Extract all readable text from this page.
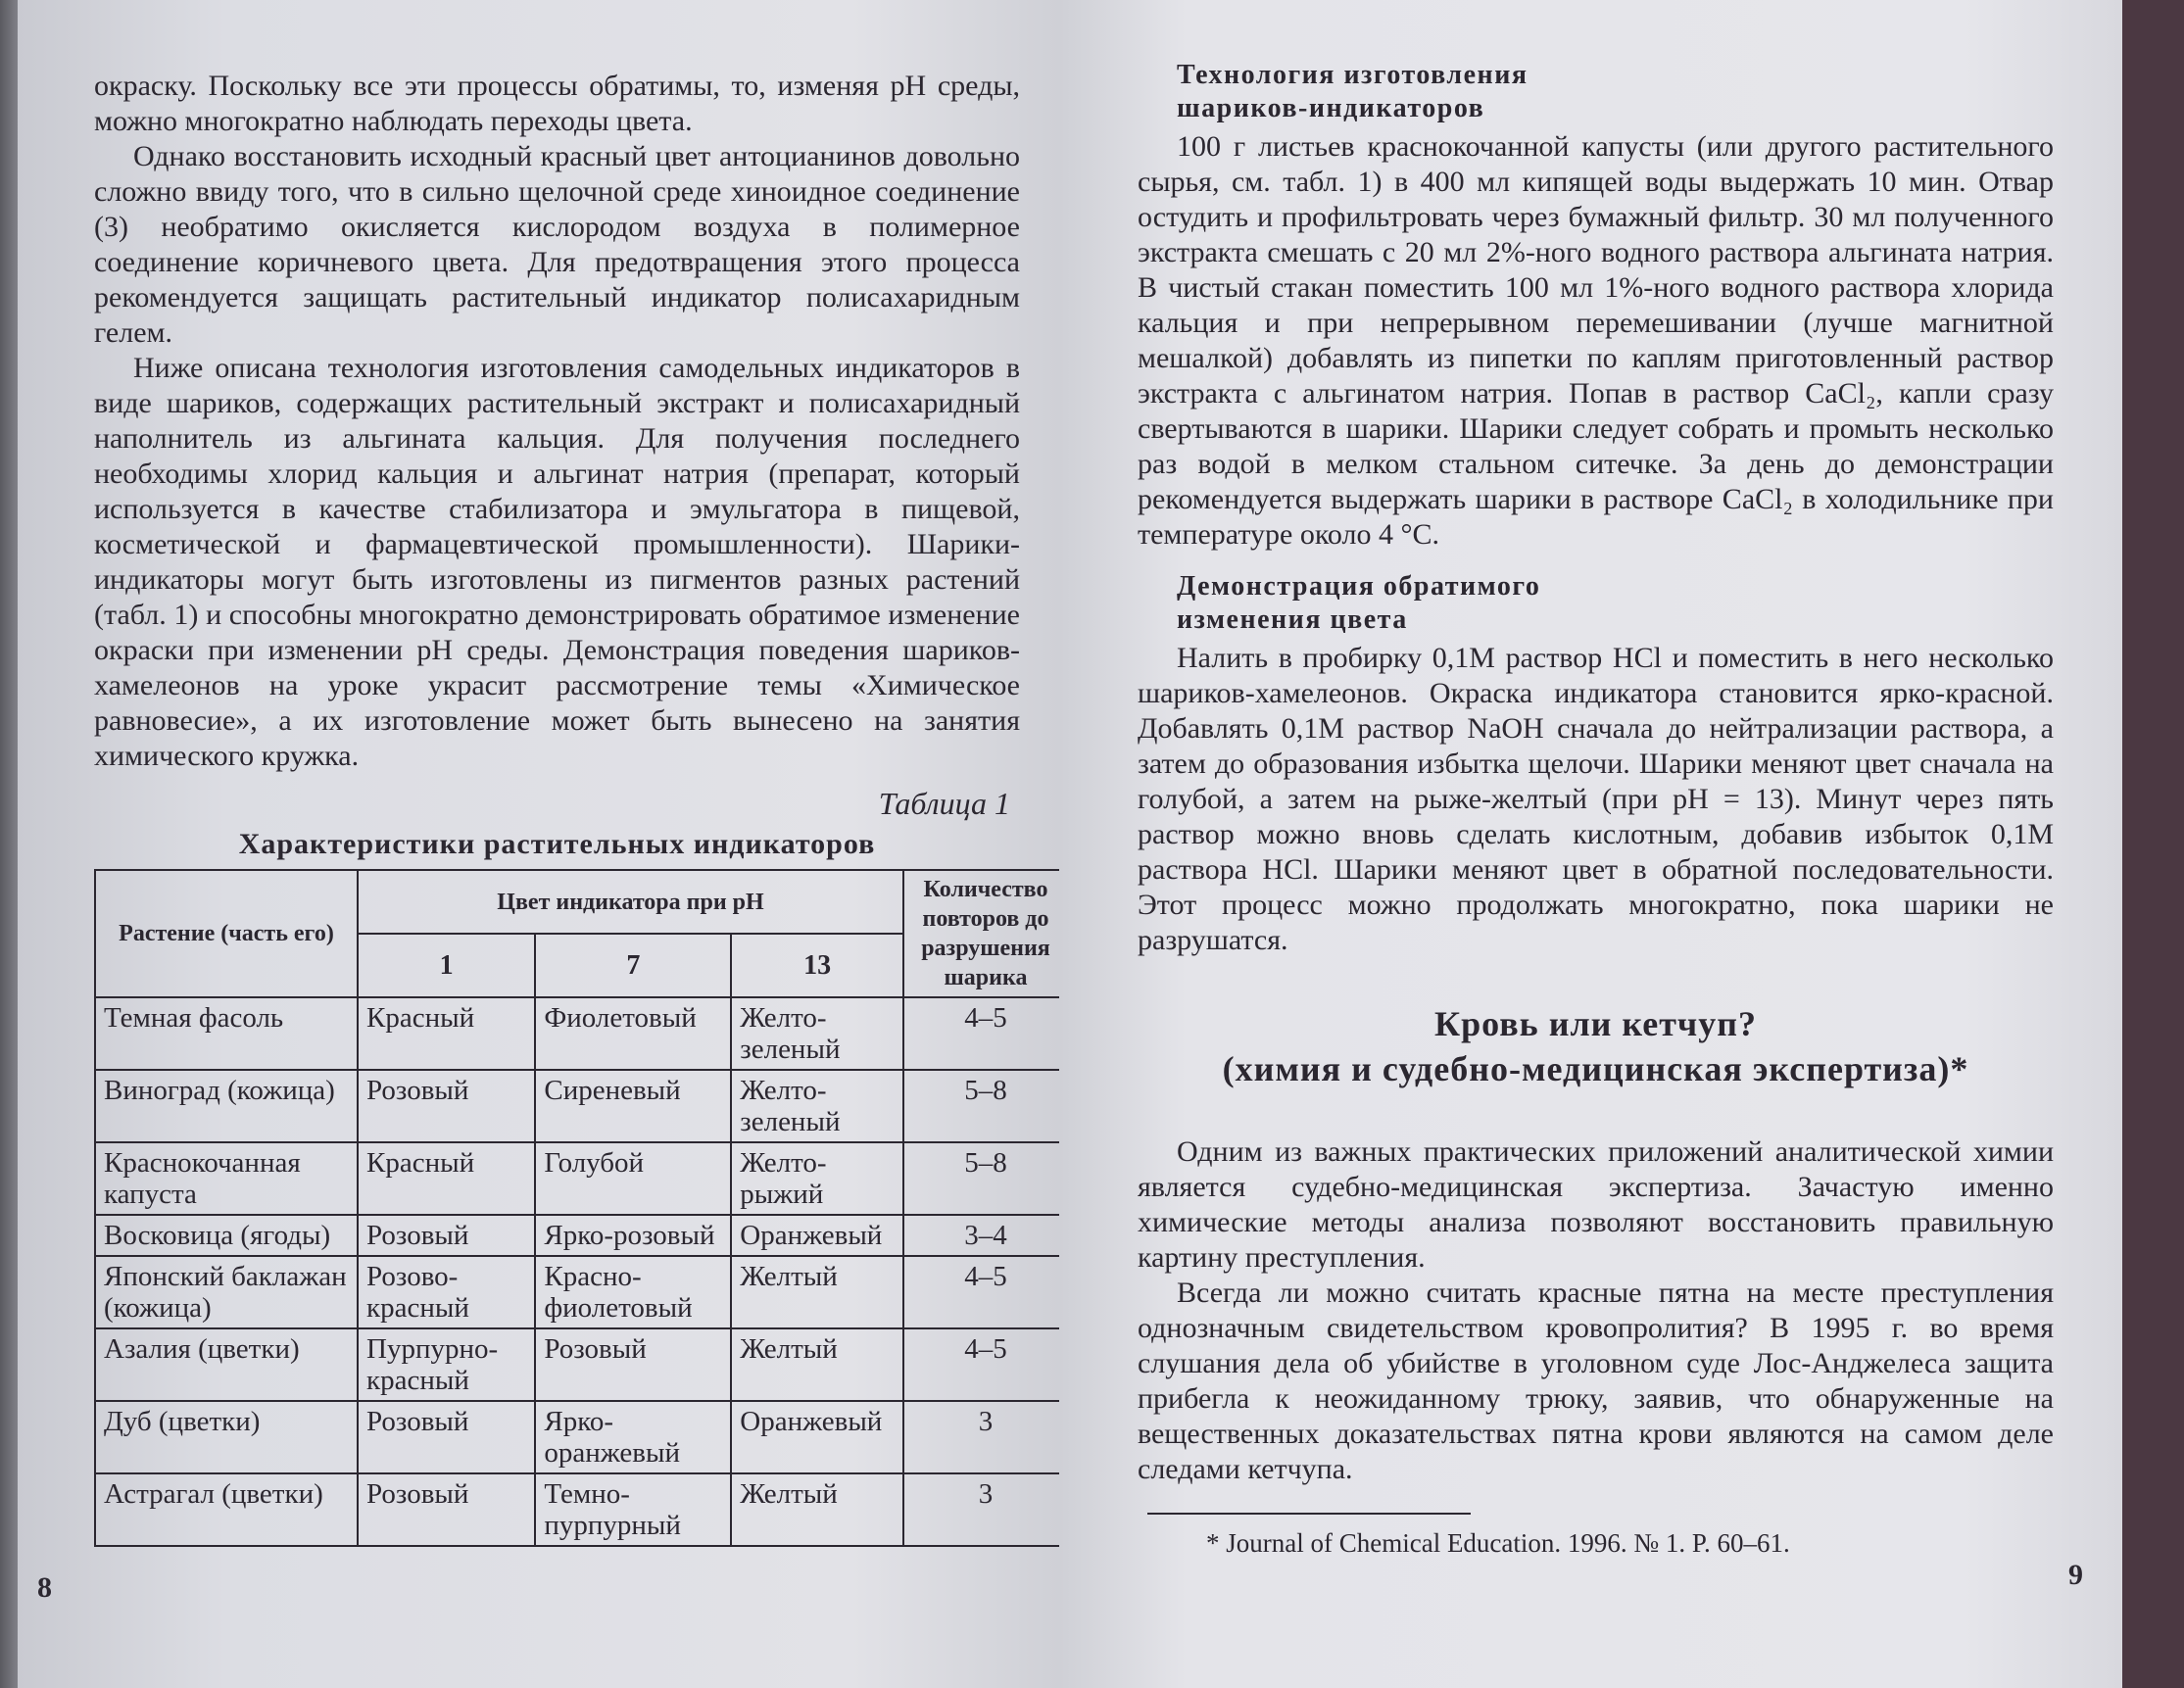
окраску. Поскольку все эти процессы обратимы, то, изменяя рН среды, можно многократно наблюдать переходы цвета.

Однако восстановить исходный красный цвет антоцианинов довольно сложно ввиду того, что в сильно щелочной среде хиноидное соединение (3) необратимо окисляется кислородом воздуха в полимерное соединение коричневого цвета. Для предотвращения этого процесса рекомендуется защищать растительный индикатор полисахаридным гелем.

Ниже описана технология изготовления самодельных индикаторов в виде шариков, содержащих растительный экстракт и полисахаридный наполнитель из альгината кальция. Для получения последнего необходимы хлорид кальция и альгинат натрия (препарат, который используется в качестве стабилизатора и эмульгатора в пищевой, косметической и фармацевтической промышленности). Шарики-индикаторы могут быть изготовлены из пигментов разных растений (табл. 1) и способны многократно демонстрировать обратимое изменение окраски при изменении рН среды. Демонстрация поведения шариков-хамелеонов на уроке украсит рассмотрение темы «Химическое равновесие», а их изготовление может быть вынесено на занятия химического кружка.

Таблица 1
Характеристики растительных индикаторов
Растение (часть его)	Цвет индикатора при рН			Количество повторов до разрушения шарика
	1	7	13	
Темная фасоль	Красный	Фиолетовый	Желто-зеленый	4–5
Виноград (кожица)	Розовый	Сиреневый	Желто-зеленый	5–8
Краснокочанная капуста	Красный	Голубой	Желто-рыжий	5–8
Восковица (ягоды)	Розовый	Ярко-розовый	Оранжевый	3–4
Японский баклажан (кожица)	Розово-красный	Красно-фиолетовый	Желтый	4–5
Азалия (цветки)	Пурпурно-красный	Розовый	Желтый	4–5
Дуб (цветки)	Розовый	Ярко-оранжевый	Оранжевый	3
Астрагал (цветки)	Розовый	Темно-пурпурный	Желтый	3
8
Технология изготовления
шариков-индикаторов

100 г листьев краснокочанной капусты (или другого растительного сырья, см. табл. 1) в 400 мл кипящей воды выдержать 10 мин. Отвар остудить и профильтровать через бумажный фильтр. 30 мл полученного экстракта смешать с 20 мл 2%-ного водного раствора альгината натрия. В чистый стакан поместить 100 мл 1%-ного водного раствора хлорида кальция и при непрерывном перемешивании (лучше магнитной мешалкой) добавлять из пипетки по каплям приготовленный раствор экстракта с альгинатом натрия. Попав в раствор CaCl₂, капли сразу свертываются в шарики. Шарики следует собрать и промыть несколько раз водой в мелком стальном ситечке. За день до демонстрации рекомендуется выдержать шарики в растворе CaCl₂ в холодильнике при температуре около 4 °С.

Демонстрация обратимого
изменения цвета

Налить в пробирку 0,1М раствор HCl и поместить в него несколько шариков-хамелеонов. Окраска индикатора становится ярко-красной. Добавлять 0,1М раствор NaOH сначала до нейтрализации раствора, а затем до образования избытка щелочи. Шарики меняют цвет сначала на голубой, а затем на рыже-желтый (при рН = 13). Минут через пять раствор можно вновь сделать кислотным, добавив избыток 0,1М раствора HCl. Шарики меняют цвет в обратной последовательности. Этот процесс можно продолжать многократно, пока шарики не разрушатся.

Кровь или кетчуп?
(химия и судебно-медицинская экспертиза)*

Одним из важных практических приложений аналитической химии является судебно-медицинская экспертиза. Зачастую именно химические методы анализа позволяют восстановить правильную картину преступления.

Всегда ли можно считать красные пятна на месте преступления однозначным свидетельством кровопролития? В 1995 г. во время слушания дела об убийстве в уголовном суде Лос-Анджелеса защита прибегла к неожиданному трюку, заявив, что обнаруженные на вещественных доказательствах пятна крови являются на самом деле следами кетчупа.

* Journal of Chemical Education. 1996. № 1. P. 60–61.
9
